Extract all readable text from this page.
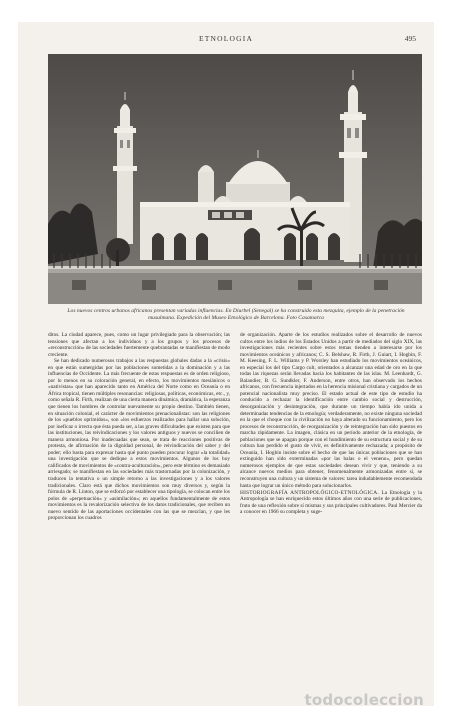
ETNOLOGIA	495
Los nuevos centros urbanos africanos presentan variadas influencias. En Diurbel (Senegal) se ha construido esta mezquita, ejemplo de la penetración musulmana. Expedición del Museo Etnológico de Barcelona. Foto Casamarca

ditos. La ciudad aparece, pues, como un lugar privilegiado para la observación; las tensiones que afectan a los individuos y a los grupos y los procesos de «reconstrucción» de las sociedades fuertemente quebrantadas se manifiestan de modo creciente.

Se han dedicado numerosos trabajos a las respuestas globales dadas a la «crisis» en que están sumergidas por las poblaciones sometidas a la dominación y a las influencias de Occidente. La más frecuente de estas respuestas es de orden religioso, por lo menos en su coloración general, en efecto, los movimientos mesiánicos o «nativistas» que han aparecido tanto en América del Norte como en Oceanía o en África tropical, tienen múltiples resonancias: religiosas, políticas, económicas, etc., y, como señala R. Firth, realizan de una cierta manera dinámica, dramática, la esperanza que tienen los hombres de controlar nuevamente su propio destino. También tienen, en situación colonial, el carácter de movimientos prenacionalistas: son las religiones de los «pueblos oprimidos», son «los esfuerzos realizados para hallar una solución, por ineficaz o irrecta que ésta pueda ser, a las graves dificultades que existen para que las instituciones, las reivindicaciones y los valores antiguos y nuevos se concilien de manera armoniosa. Por inadecuadas que sean, se trata de reacciones positivas de protesta, de afirmación de la dignidad personal, de reivindicación del saber y del poder; ello basta para expresar hasta qué punto pueden procurar lograr «la totalidad» una investigación que se dedique a estos movimientos. Algunos de los hoy calificados de movimientos de «contra-aculturación», pero este término es demasiado arriesgado; se manifiestan en las sociedades más trastornadas por la colonización, y traducen la tentativa o un simple retorno a las investigaciones y a los valores tradicionales. Claro está que dichos movimientos son muy diversos y, según la fórmula de R. Linton, que se esforzó por establecer una tipología, se colocan entre los polos de «perpetuación» y «asimilación»; en aquellos fundamentalmente de estos movimientos es la revalorización selectiva de los datos tradicionales, que reciben un nuevo sentido de las aportaciones occidentales con las que se mezclan, y que les proporcionan los cuadros

de organización. Aparte de los estudios realizados sobre el desarrollo de nuevos cultos entre los indios de los Estados Unidos a partir de mediados del siglo XIX, las investigaciones más recientes sobre estos temas tienden a interesarse por los movimientos oceánicos y africanos; C. S. Belshaw, R. Firth, J. Guiart, I. Hogbin, F. M. Keesing, F. L. Williams y P. Worsley han estudiado los movimientos oceánicos, en especial los del tipo Cargo cult, orientados a alcanzar una edad de oro en la que todas las riquezas serán llevadas hacia los habitantes de las islas. M. Leenhardt, G. Balandier, B. G. Sundkler, F. Anderson, entre otros, han observado los hechos africanos, con frecuencia injertados en la herencia misional cristiana y cargados de un potencial nacionalista muy preciso. El estado actual de este tipo de estudio ha conducido a rechazar la identificación entre cambio social y destrucción, desorganización y desintegración, que durante un tiempo había ido unida a determinadas tendencias de la etnología; verdaderamente, no existe ninguna sociedad en la que el choque con la civilización no haya alterado su funcionamiento, pero los procesos de reconstrucción, de reorganización y de reintegración han sido puestos en marcha rápidamente. La imagen, clásica en un período anterior de la etnología, de poblaciones que se apagan porque con el hundimiento de su estructura social y de su cultura han perdido el gusto de vivir, es definitivamente rechazada; a propósito de Oceanía, I. Hogbin insiste sobre el hecho de que las únicas poblaciones que se han extinguido han sido exterminadas «por las balas o el veneno», pero quedan numerosos ejemplos de que estas sociedades desean vivir y que, teniendo a su alcance nuevos medios para obtener, fenomenalmente armonizadas entre sí, se reconstruyen una cultura y un sistema de valores: tarea indudablemente recomendada hasta que lograr un único método para solucionarlos.

HISTORIOGRAFÍA ANTROPOLÓGICO-ETNOLÓGICA. La Etnología y la Antropología se han enriquecido estos últimos años con una serie de publicaciones, fruto de una reflexión sobre sí mismas y sus principales cultivadores. Paul Mercier da a conocer en 1966 su completa y suge-

todocoleccion
